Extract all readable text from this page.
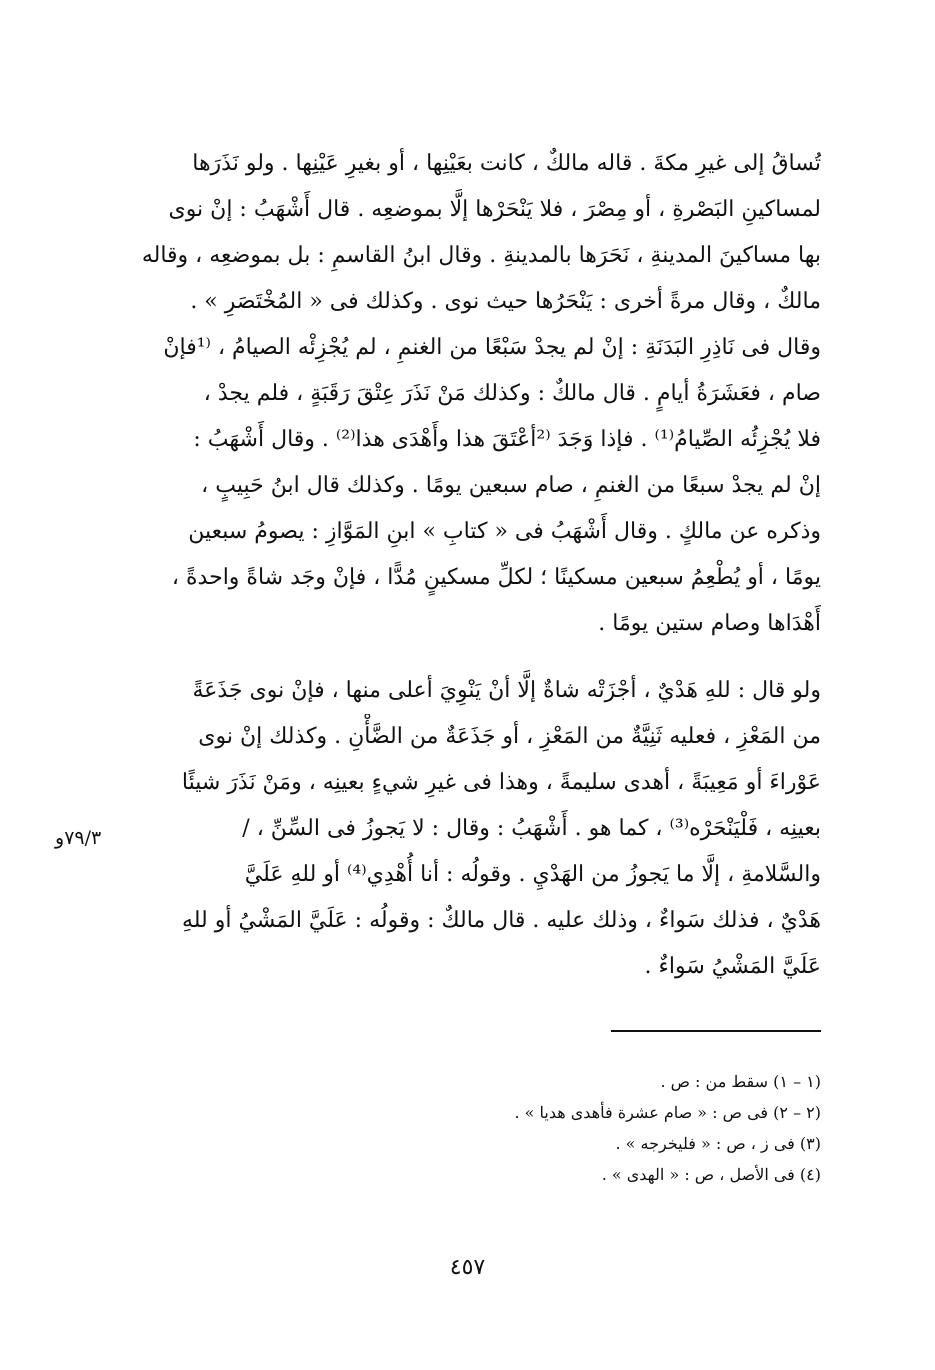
تُساقُ إلى غيرِ مكةَ . قاله مالكٌ ، كانت بعَيْنِها ، أو بغيرِ عَيْنِها . ولو نَذَرَها
لمساكينِ البَصْرةِ ، أو مِصْرَ ، فلا يَنْحَرْها إلَّا بموضعِه . قال أَشْهَبُ : إنْ نوى
بها مساكينَ المدينةِ ، نَحَرَها بالمدينةِ . وقال ابنُ القاسمِ : بل بموضعِه ، وقاله
مالكٌ ، وقال مرةً أخرى : يَنْحَرُها حيث نوى . وكذلك فى « المُخْتَصَرِ » .
وقال فى نَاذِرِ البَدَنَةِ : إنْ لم يجدْ سَبْعًا من الغنمِ ، لم يُجْزِئْه الصيامُ ، ⁽¹فإنْ
صام ، فعَشَرَةُ أيامٍ . قال مالكٌ : وكذلك مَنْ نَذَرَ عِتْقَ رَقَبَةٍ ، فلم يجدْ ،
فلا يُجْزِئُه الصِّيامُ⁽¹⁾ . فإذا وَجَدَ ⁽²أعْتَقَ هذا وأَهْدَى هذا⁽²⁾ . وقال أَشْهَبُ :
إنْ لم يجدْ سبعًا من الغنمِ ، صام سبعين يومًا . وكذلك قال ابنُ حَبِيبٍ ،
وذكره عن مالكٍ . وقال أَشْهَبُ فى « كتابِ » ابنِ المَوَّازِ : يصومُ سبعين
يومًا ، أو يُطْعِمُ سبعين مسكينًا ؛ لكلِّ مسكينٍ مُدًّا ، فإنْ وجَد شاةً واحدةً ،
أَهْدَاها وصام ستين يومًا .
ولو قال : للهِ هَدْيٌ ، أجْزَتْه شاةٌ إلَّا أنْ يَنْوِيَ أعلى منها ، فإنْ نوى جَذَعَةً
من المَعْزِ ، فعليه ثَنِيَّةٌ من المَعْزِ ، أو جَذَعَةٌ من الضَّأْنِ . وكذلك إنْ نوى
عَوْراءَ أو مَعِيبَةً ، أهدى سليمةً ، وهذا فى غيرِ شيءٍ بعينِه ، ومَنْ نَذَرَ شيئًا
بعينِه ، فَلْيَنْحَرْه⁽³⁾ ، كما هو . أَشْهَبُ : وقال : لا يَجوزُ فى السِّنِّ ، /
والسَّلامةِ ، إلَّا ما يَجوزُ من الهَدْيِ . وقولُه : أنا أُهْدِي⁽⁴⁾ أو للهِ عَلَيَّ
هَدْيٌ ، فذلك سَواءٌ ، وذلك عليه . قال مالكٌ : وقولُه : عَلَيَّ المَشْيُ أو للهِ
عَلَيَّ المَشْيُ سَواءٌ .
٧٩/٣و
(١ – ١) سقط من : ص .
(٢ – ٢) فى ص : « صام عشرة فأهدى هديا » .
(٣) فى ز ، ص : « فليخرجه » .
(٤) فى الأصل ، ص : « الهدى » .
٤٥٧
